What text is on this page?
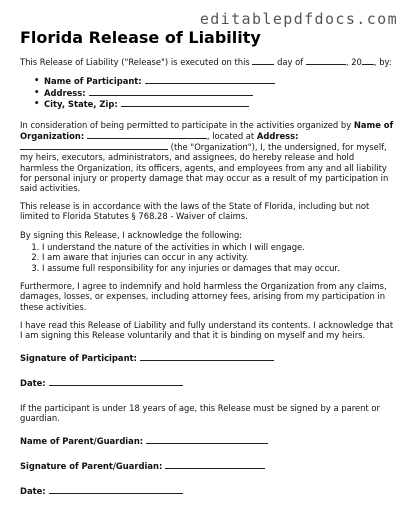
editablepdfdocs.com
Florida Release of Liability

This Release of Liability ("Release") is executed on this	day of	, 20 , by:

• Name of Participant:
• Address:
• City, State, Zip:

In consideration of being permitted to participate in the activities organized by Name of Organization:	, located at Address:  (the "Organization"), I, the undersigned, for myself, my heirs, executors, administrators, and assignees, do hereby release and hold harmless the Organization, its officers, agents, and employees from any and all liability for personal injury or property damage that may occur as a result of my participation in said activities.

This release is in accordance with the laws of the State of Florida, including but not limited to Florida Statutes § 768.28 - Waiver of claims.

By signing this Release, I acknowledge the following:

1. I understand the nature of the activities in which I will engage.
2. I am aware that injuries can occur in any activity.
3. I assume full responsibility for any injuries or damages that may occur.

Furthermore, I agree to indemnify and hold harmless the Organization from any claims, damages, losses, or expenses, including attorney fees, arising from my participation in these activities.

I have read this Release of Liability and fully understand its contents. I acknowledge that I am signing this Release voluntarily and that it is binding on myself and my heirs.

Signature of Participant:
Date:

If the participant is under 18 years of age, this Release must be signed by a parent or guardian.

Name of Parent/Guardian:
Signature of Parent/Guardian:
Date:
